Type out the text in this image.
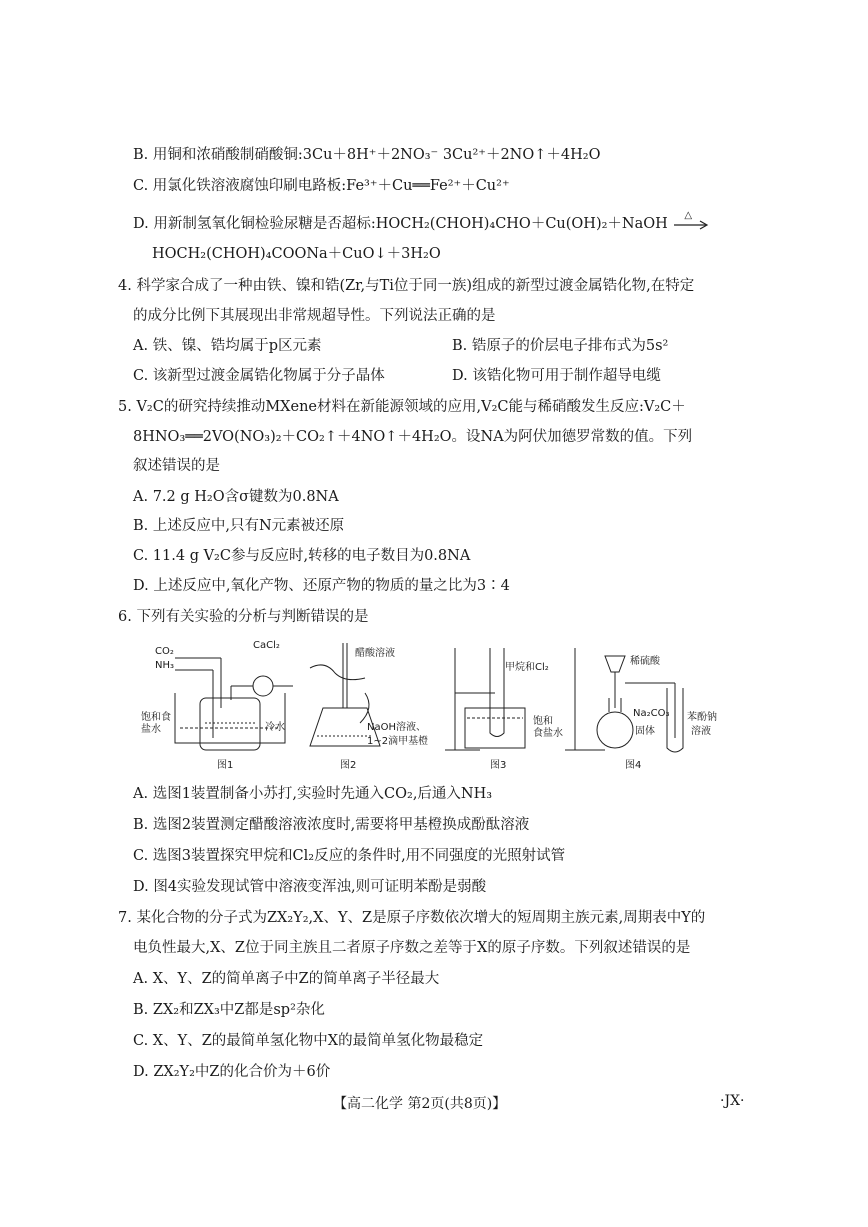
B. 用铜和浓硝酸制硝酸铜:3Cu＋8H⁺＋2NO₃⁻ 3Cu²⁺＋2NO↑＋4H₂O
C. 用氯化铁溶液腐蚀印刷电路板:Fe³⁺＋Cu══Fe²⁺＋Cu²⁺
D. 用新制氢氧化铜检验尿糖是否超标:HOCH₂(CHOH)₄CHO＋Cu(OH)₂＋NaOH
△
HOCH₂(CHOH)₄COONa＋CuO↓＋3H₂O
4. 科学家合成了一种由铁、镍和锆(Zr,与Ti位于同一族)组成的新型过渡金属锆化物,在特定
的成分比例下其展现出非常规超导性。下列说法正确的是
A. 铁、镍、锆均属于p区元素	B. 锆原子的价层电子排布式为5s²
C. 该新型过渡金属锆化物属于分子晶体	D. 该锆化物可用于制作超导电缆
5. V₂C的研究持续推动MXene材料在新能源领域的应用,V₂C能与稀硝酸发生反应:V₂C＋
8HNO₃══2VO(NO₃)₂＋CO₂↑＋4NO↑＋4H₂O。设NA为阿伏加德罗常数的值。下列
叙述错误的是
A. 7.2 g H₂O含σ键数为0.8NA
B. 上述反应中,只有N元素被还原
C. 11.4 g V₂C参与反应时,转移的电子数目为0.8NA
D. 上述反应中,氧化产物、还原产物的物质的量之比为3∶4
6. 下列有关实验的分析与判断错误的是
CO₂
NH₃
CaCl₂
饱和食
盐水	冷水
图1
醋酸溶液
NaOH溶液、
1~2滴甲基橙
图2
甲烷和Cl₂
饱和
食盐水
图3
稀硫酸
Na₂CO₃
固体
苯酚钠
溶液
图4
A. 选图1装置制备小苏打,实验时先通入CO₂,后通入NH₃
B. 选图2装置测定醋酸溶液浓度时,需要将甲基橙换成酚酞溶液
C. 选图3装置探究甲烷和Cl₂反应的条件时,用不同强度的光照射试管
D. 图4实验发现试管中溶液变浑浊,则可证明苯酚是弱酸
7. 某化合物的分子式为ZX₂Y₂,X、Y、Z是原子序数依次增大的短周期主族元素,周期表中Y的
电负性最大,X、Z位于同主族且二者原子序数之差等于X的原子序数。下列叙述错误的是
A. X、Y、Z的简单离子中Z的简单离子半径最大
B. ZX₂和ZX₃中Z都是sp²杂化
C. X、Y、Z的最简单氢化物中X的最简单氢化物最稳定
D. ZX₂Y₂中Z的化合价为＋6价
【高二化学 第2页(共8页)】	·JX·
